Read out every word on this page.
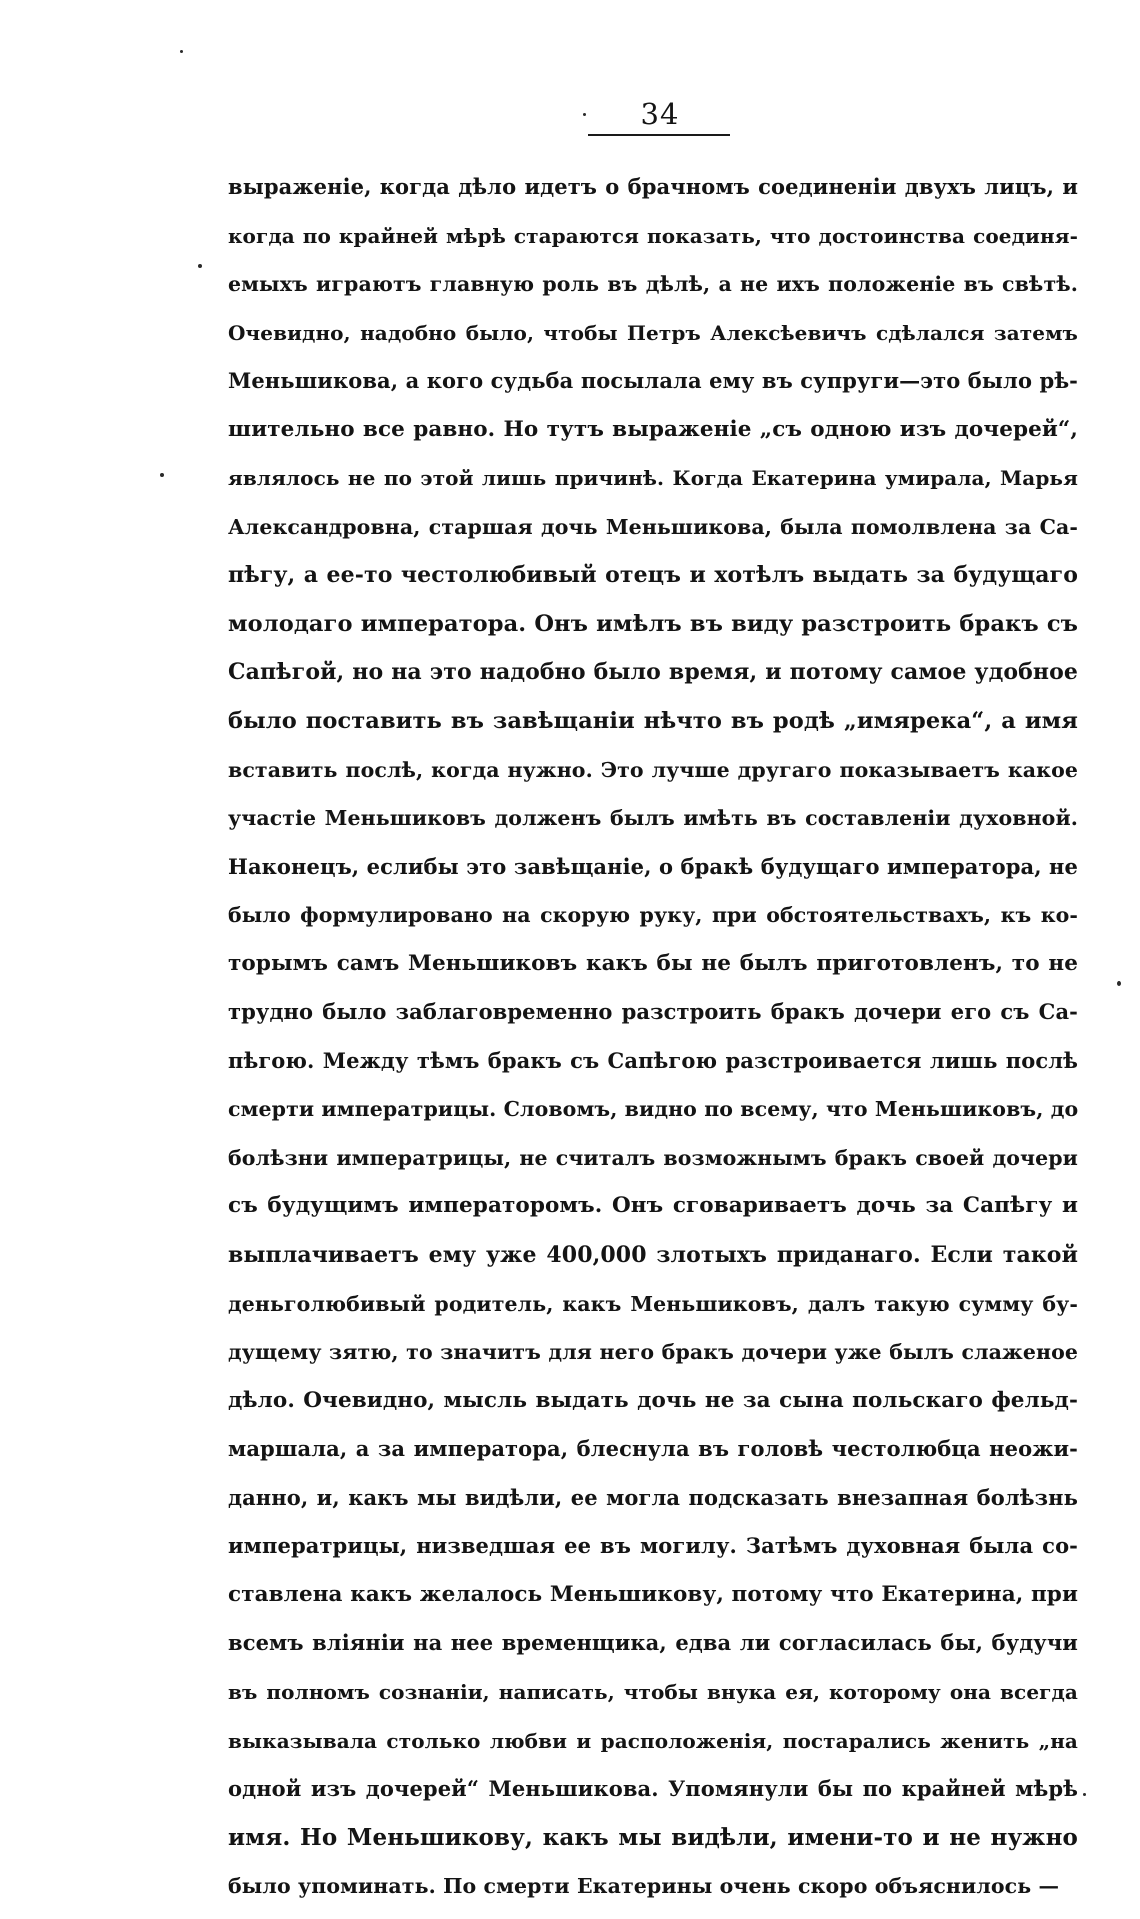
34
выраженіе, когда дѣло идетъ о брачномъ соединеніи двухъ лицъ, и
когда по крайней мѣрѣ стараются показать, что достоинства соединя-
емыхъ играютъ главную роль въ дѣлѣ, а не ихъ положеніе въ свѣтѣ.
Очевидно, надобно было, чтобы Петръ Алексѣевичъ сдѣлался затемъ
Меньшикова, а кого судьба посылала ему въ супруги—это было рѣ-
шительно все равно. Но тутъ выраженіе „съ одною изъ дочерей“,
являлось не по этой лишь причинѣ. Когда Екатерина умирала, Марья
Александровна, старшая дочь Меньшикова, была помолвлена за Са-
пѣгу, а ее-то честолюбивый отецъ и хотѣлъ выдать за будущаго
молодаго императора. Онъ имѣлъ въ виду разстроить бракъ съ
Сапѣгой, но на это надобно было время, и потому самое удобное
было поставить въ завѣщаніи нѣчто въ родѣ „имярека“, а имя
вставить послѣ, когда нужно. Это лучше другаго показываетъ какое
участіе Меньшиковъ долженъ былъ имѣть въ составленіи духовной.
Наконецъ, еслибы это завѣщаніе, о бракѣ будущаго императора, не
было формулировано на скорую руку, при обстоятельствахъ, къ ко-
торымъ самъ Меньшиковъ какъ бы не былъ приготовленъ, то не
трудно было заблаговременно разстроить бракъ дочери его съ Са-
пѣгою. Между тѣмъ бракъ съ Сапѣгою разстроивается лишь послѣ
смерти императрицы. Словомъ, видно по всему, что Меньшиковъ, до
болѣзни императрицы, не считалъ возможнымъ бракъ своей дочери
съ будущимъ императоромъ. Онъ сговариваетъ дочь за Сапѣгу и
выплачиваетъ ему уже 400,000 злотыхъ приданаго. Если такой
деньголюбивый родитель, какъ Меньшиковъ, далъ такую сумму бу-
дущему зятю, то значитъ для него бракъ дочери уже былъ слаженое
дѣло. Очевидно, мысль выдать дочь не за сына польскаго фельд-
маршала, а за императора, блеснула въ головѣ честолюбца неожи-
данно, и, какъ мы видѣли, ее могла подсказать внезапная болѣзнь
императрицы, низведшая ее въ могилу. Затѣмъ духовная была со-
ставлена какъ желалось Меньшикову, потому что Екатерина, при
всемъ вліяніи на нее временщика, едва ли согласилась бы, будучи
въ полномъ сознаніи, написать, чтобы внука ея, которому она всегда
выказывала столько любви и расположенія, постарались женить „на
одной изъ дочерей“ Меньшикова. Упомянули бы по крайней мѣрѣ
имя. Но Меньшикову, какъ мы видѣли, имени-то и не нужно
было упоминать. По смерти Екатерины очень скоро объяснилось —
